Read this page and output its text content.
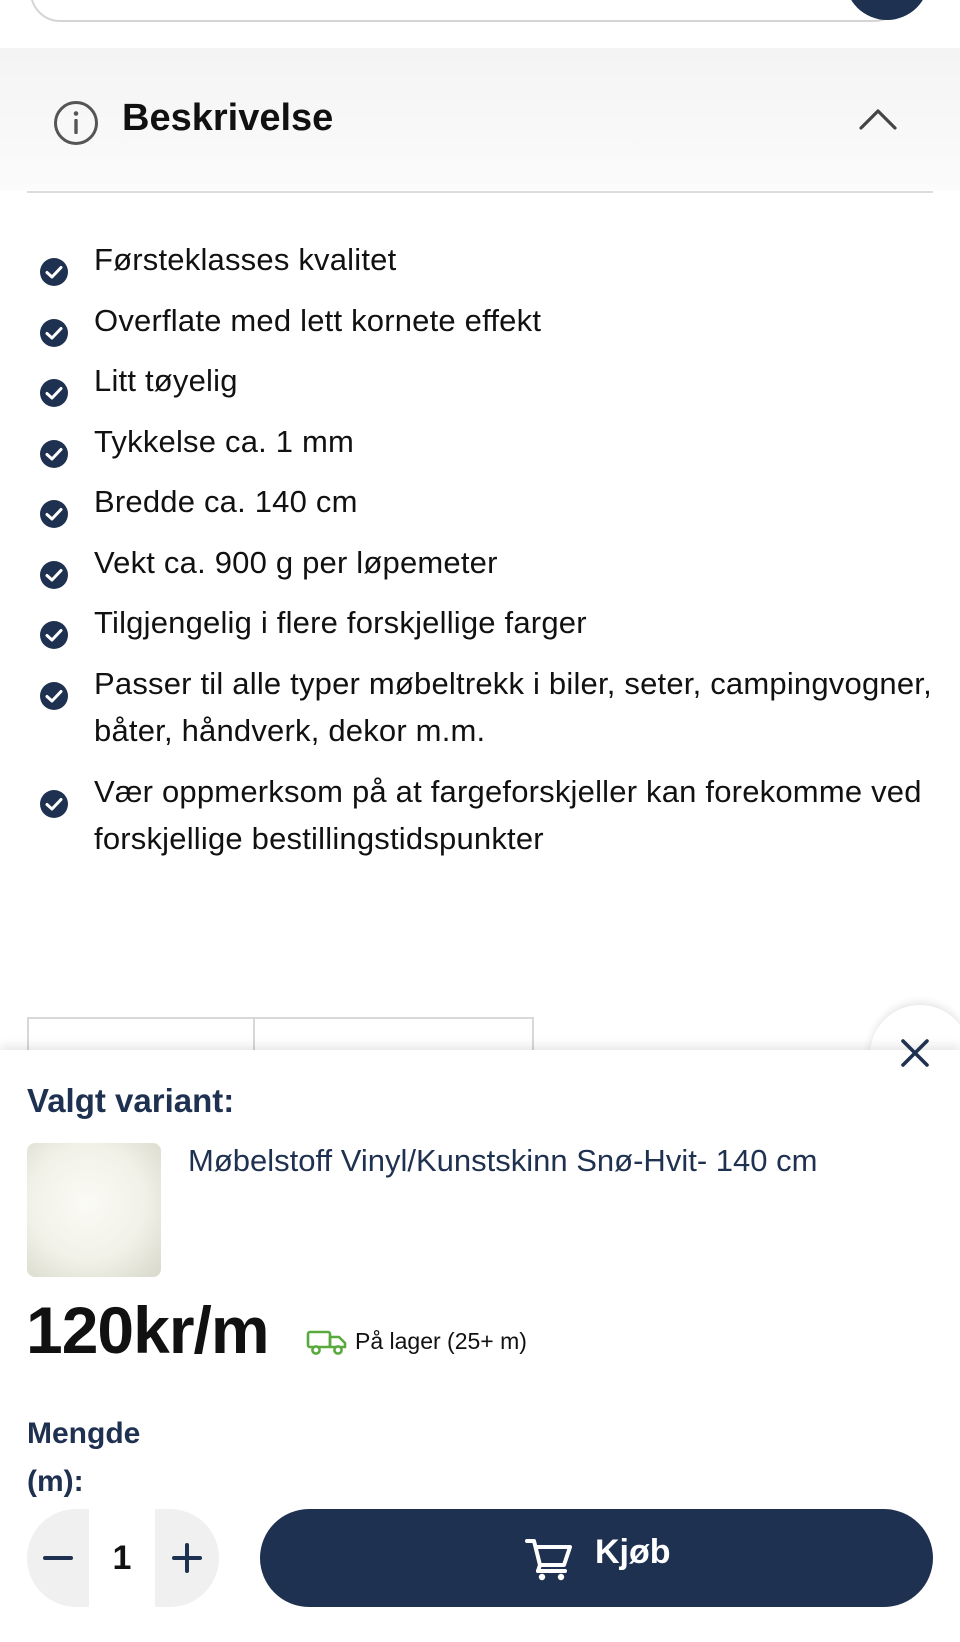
Beskrivelse
Førsteklasses kvalitet
Overflate med lett kornete effekt
Litt tøyelig
Tykkelse ca. 1 mm
Bredde ca. 140 cm
Vekt ca. 900 g per løpemeter
Tilgjengelig i flere forskjellige farger
Passer til alle typer møbeltrekk i biler, seter, campingvogner, båter, håndverk, dekor m.m.
Vær oppmerksom på at fargeforskjeller kan forekomme ved forskjellige bestillingstidspunkter
Valgt variant:
Møbelstoff Vinyl/Kunstskinn Snø-Hvit- 140 cm
120kr/m	På lager (25+ m)
Mengde (m):
1	Kjøb
